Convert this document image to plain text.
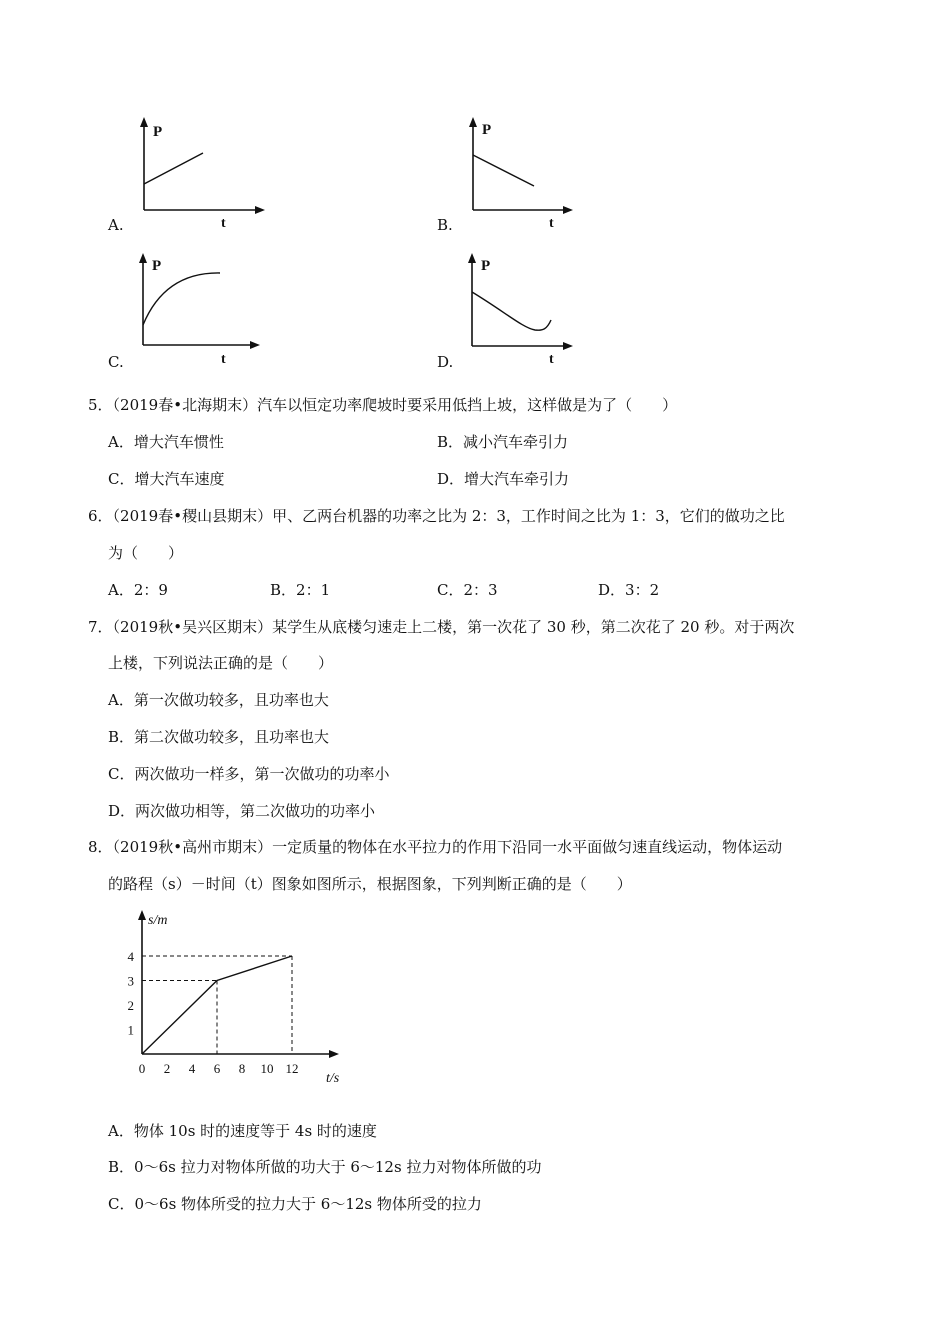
A.
P
t	B.
P
t
C.
P
t	D.
P
t
5．（2019春•北海期末）汽车以恒定功率爬坡时要采用低挡上坡，这样做是为了（　　）
A．增大汽车惯性	B．减小汽车牵引力
C．增大汽车速度	D．增大汽车牵引力
6．（2019春•稷山县期末）甲、乙两台机器的功率之比为 2：3，工作时间之比为 1：3，它们的做功之比
为（　　）
A．2：9	B．2：1	C．2：3	D．3：2
7．（2019秋•吴兴区期末）某学生从底楼匀速走上二楼，第一次花了 30 秒，第二次花了 20 秒。对于两次
上楼，下列说法正确的是（　　）
A．第一次做功较多，且功率也大
B．第二次做功较多，且功率也大
C．两次做功一样多，第一次做功的功率小
D．两次做功相等，第二次做功的功率小
8．（2019秋•高州市期末）一定质量的物体在水平拉力的作用下沿同一水平面做匀速直线运动，物体运动
的路程（s）－时间（t）图象如图所示，根据图象，下列判断正确的是（　　）
0 2 4 6 8 10 12
1
2
3
4
s/m
t/s
A．物体 10s 时的速度等于 4s 时的速度
B．0～6s 拉力对物体所做的功大于 6～12s 拉力对物体所做的功
C．0～6s 物体所受的拉力大于 6～12s 物体所受的拉力
